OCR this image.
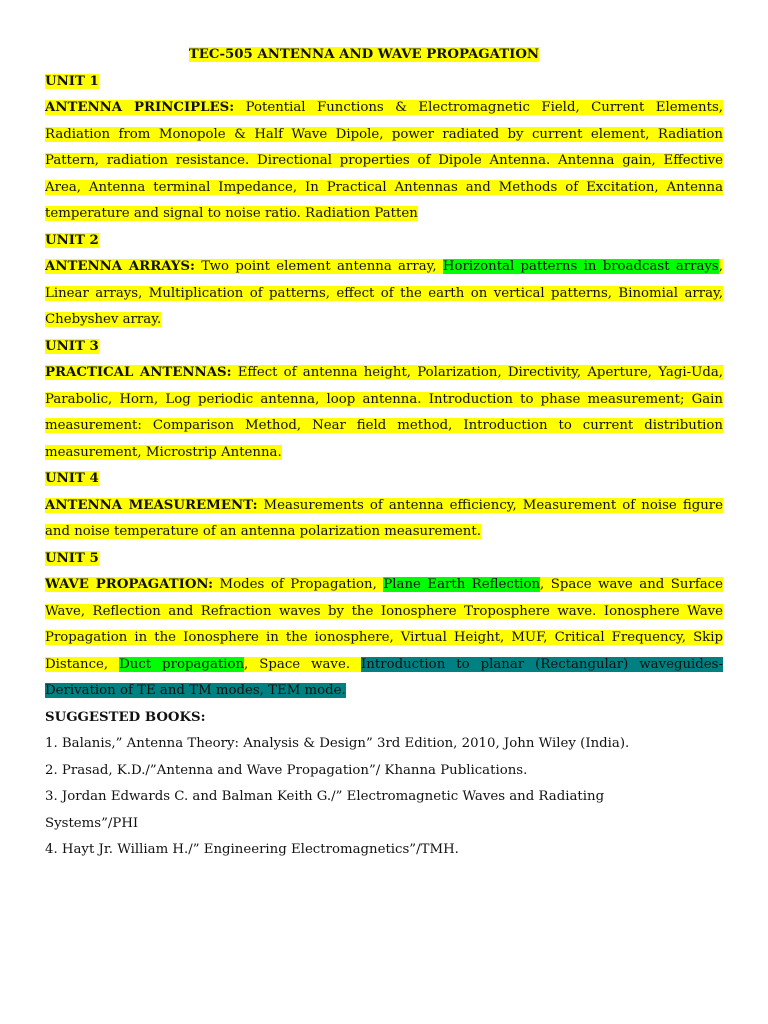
TEC-505 ANTENNA AND WAVE PROPAGATION

UNIT 1

ANTENNA PRINCIPLES: Potential Functions & Electromagnetic Field, Current Elements, Radiation from Monopole & Half Wave Dipole, power radiated by current element, Radiation Pattern, radiation resistance. Directional properties of Dipole Antenna. Antenna gain, Effective Area, Antenna terminal Impedance, In Practical Antennas and Methods of Excitation, Antenna temperature and signal to noise ratio. Radiation Patten

UNIT 2

ANTENNA ARRAYS: Two point element antenna array, Horizontal patterns in broadcast arrays, Linear arrays, Multiplication of patterns, effect of the earth on vertical patterns, Binomial array, Chebyshev array.

UNIT 3

PRACTICAL ANTENNAS: Effect of antenna height, Polarization, Directivity, Aperture, Yagi-Uda, Parabolic, Horn, Log periodic antenna, loop antenna. Introduction to phase measurement; Gain measurement: Comparison Method, Near field method, Introduction to current distribution measurement, Microstrip Antenna.

UNIT 4

ANTENNA MEASUREMENT: Measurements of antenna efficiency, Measurement of noise figure and noise temperature of an antenna polarization measurement.

UNIT 5

WAVE PROPAGATION: Modes of Propagation, Plane Earth Reflection, Space wave and Surface Wave, Reflection and Refraction waves by the Ionosphere Troposphere wave. Ionosphere Wave Propagation in the Ionosphere in the ionosphere, Virtual Height, MUF, Critical Frequency, Skip Distance, Duct propagation, Space wave. Introduction to planar (Rectangular) waveguides- Derivation of TE and TM modes, TEM mode.

SUGGESTED BOOKS:

1. Balanis,” Antenna Theory: Analysis & Design” 3rd Edition, 2010, John Wiley (India).

2. Prasad, K.D./”Antenna and Wave Propagation”/ Khanna Publications.

3. Jordan Edwards C. and Balman Keith G./” Electromagnetic Waves and Radiating

Systems”/PHI

4. Hayt Jr. William H./” Engineering Electromagnetics”/TMH.
